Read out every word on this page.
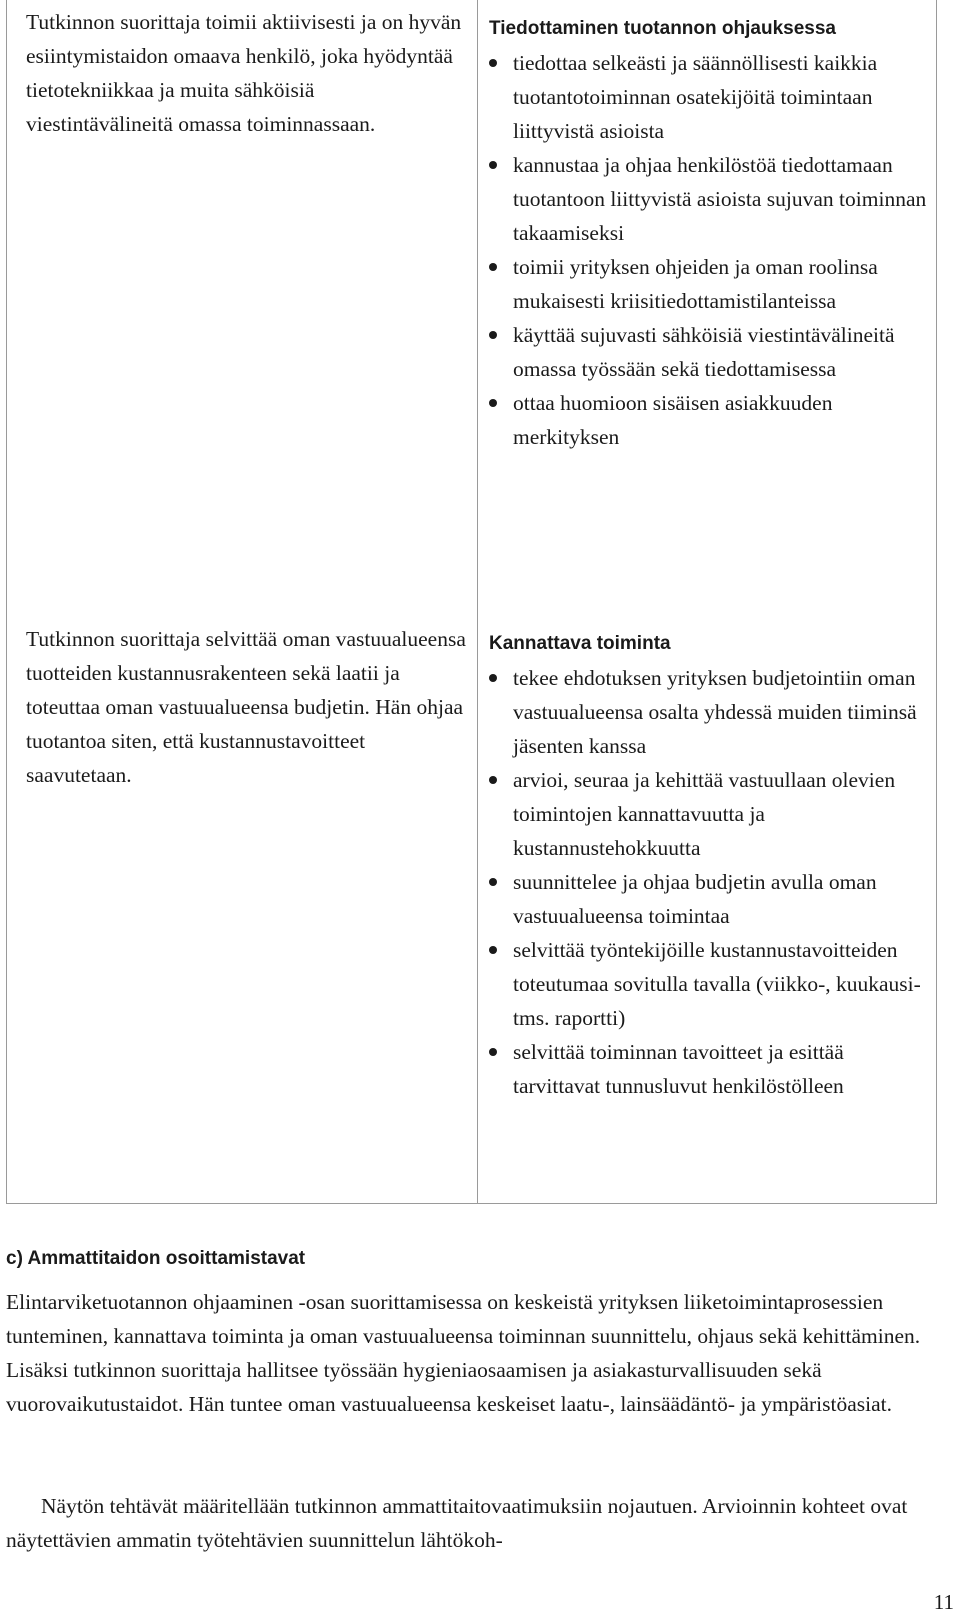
Tutkinnon suorittaja toimii aktiivisesti ja on hyvän esiintymistaidon omaava henkilö, joka hyödyntää tietotekniikkaa ja muita sähköisiä viestintävälineitä omassa toiminnassaan.

Tutkinnon suorittaja selvittää oman vastuualueensa tuotteiden kustannusrakenteen sekä laatii ja toteuttaa oman vastuualueensa budjetin. Hän ohjaa tuotantoa siten, että kustannustavoitteet saavutetaan.

Tiedottaminen tuotannon ohjauksessa
tiedottaa selkeästi ja säännöllisesti kaikkia tuotantotoiminnan osatekijöitä toimintaan liittyvistä asioista
kannustaa ja ohjaa henkilöstöä tiedottamaan tuotantoon liittyvistä asioista sujuvan toiminnan takaamiseksi
toimii yrityksen ohjeiden ja oman roolinsa mukaisesti kriisitiedottamistilanteissa
käyttää sujuvasti sähköisiä viestintävälineitä omassa työssään sekä tiedottamisessa
ottaa huomioon sisäisen asiakkuuden merkityksen
Kannattava toiminta
tekee ehdotuksen yrityksen budjetointiin oman vastuualueensa osalta yhdessä muiden tiiminsä jäsenten kanssa
arvioi, seuraa ja kehittää vastuullaan olevien toimintojen kannattavuutta ja kustannustehokkuutta
suunnittelee ja ohjaa budjetin avulla oman vastuualueensa toimintaa
selvittää työntekijöille kustannustavoitteiden toteutumaa sovitulla tavalla (viikko-, kuukausi- tms. raportti)
selvittää toiminnan tavoitteet ja esittää tarvittavat tunnusluvut henkilöstölleen
c) Ammattitaidon osoittamistavat

Elintarviketuotannon ohjaaminen -osan suorittamisessa on keskeistä yrityksen liiketoimintaprosessien tunteminen, kannattava toiminta ja oman vastuualueensa toiminnan suunnittelu, ohjaus sekä kehittäminen. Lisäksi tutkinnon suorittaja hallitsee työssään hygieniaosaamisen ja asiakasturvallisuuden sekä vuorovaikutustaidot. Hän tuntee oman vastuualueensa keskeiset laatu-, lainsäädäntö- ja ympäristöasiat.

Näytön tehtävät määritellään tutkinnon ammattitaitovaatimuksiin nojautuen. Arvioinnin kohteet ovat näytettävien ammatin työtehtävien suunnittelun lähtökoh-

11
